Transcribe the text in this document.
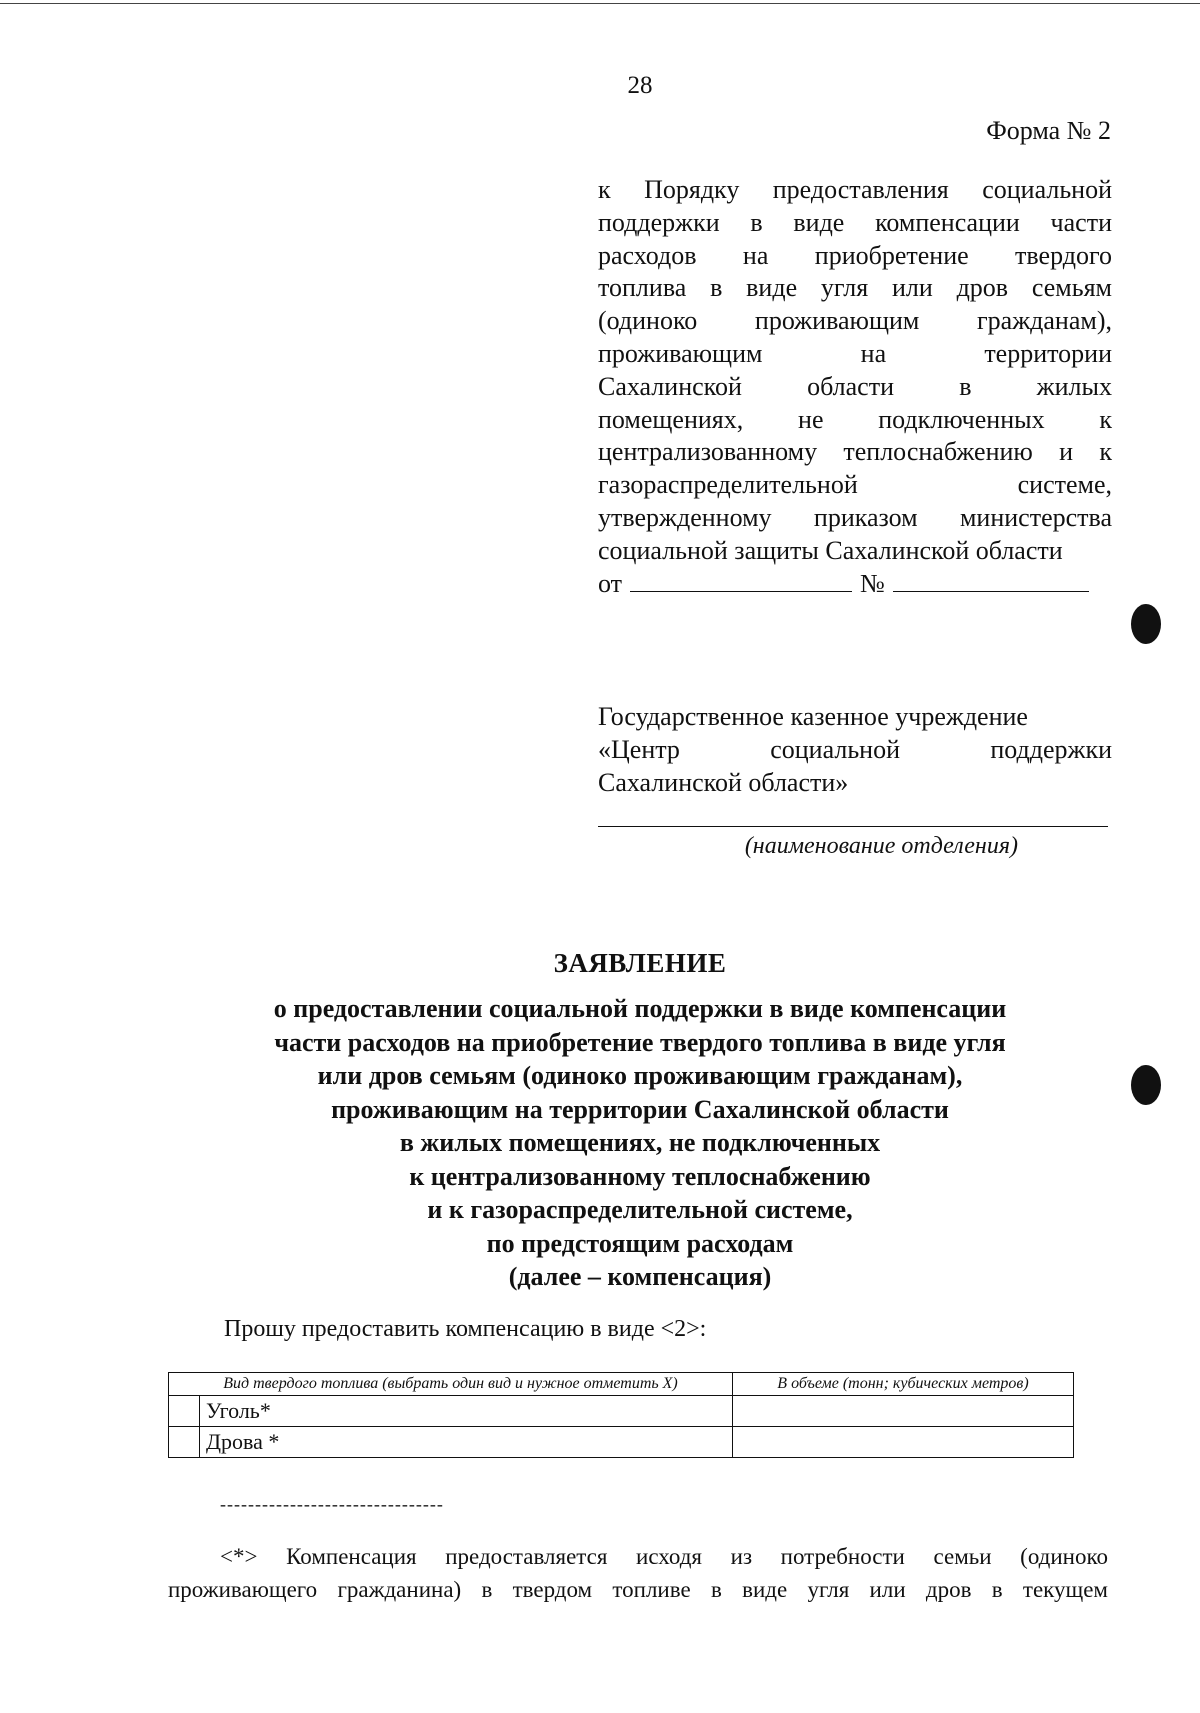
28
Форма № 2
к Порядку предоставления социальной
поддержки в виде компенсации части
расходов на приобретение твердого
топлива в виде угля или дров семьям
(одиноко проживающим гражданам),
проживающим на территории
Сахалинской области в жилых
помещениях, не подключенных к
централизованному теплоснабжению и к
газораспределительной системе,
утвержденному приказом министерства
социальной защиты Сахалинской области
от	№
Государственное казенное учреждение
«Центр социальной поддержки
Сахалинской области»
(наименование отделения)
ЗАЯВЛЕНИЕ
о предоставлении социальной поддержки в виде компенсации
части расходов на приобретение твердого топлива в виде угля
или дров семьям (одиноко проживающим гражданам),
проживающим на территории Сахалинской области
в жилых помещениях, не подключенных
к централизованному теплоснабжению
и к газораспределительной системе,
по предстоящим расходам
(далее – компенсация)
Прошу предоставить компенсацию в виде <2>:
Вид твердого топлива (выбрать один вид и нужное отметить X)		В объеме (тонн; кубических метров)
	Уголь*	
	Дрова *	
--------------------------------
<*> Компенсация предоставляется исходя из потребности семьи (одиноко
проживающего гражданина) в твердом топливе в виде угля или дров в текущем
